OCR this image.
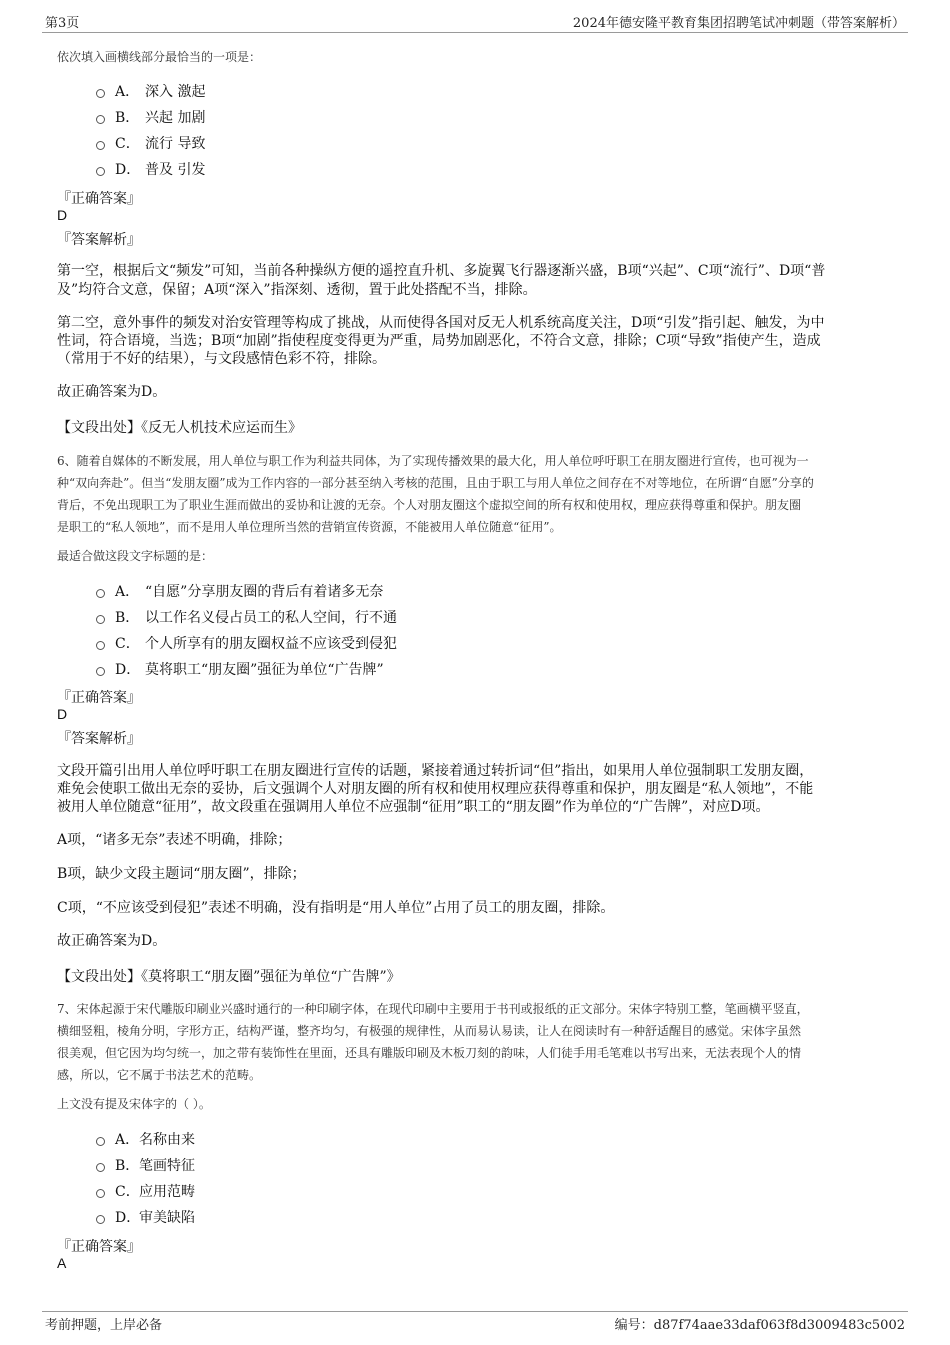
第3页	2024年德安隆平教育集团招聘笔试冲刺题（带答案解析）
依次填入画横线部分最恰当的一项是：
A． 深入 激起
B． 兴起 加剧
C． 流行 导致
D． 普及 引发
『正确答案』
D
『答案解析』
第一空，根据后文“频发”可知，当前各种操纵方便的遥控直升机、多旋翼飞行器逐渐兴盛，B项“兴起”、C项“流行”、D项“普
及”均符合文意，保留；A项“深入”指深刻、透彻，置于此处搭配不当，排除。
第二空，意外事件的频发对治安管理等构成了挑战，从而使得各国对反无人机系统高度关注，D项“引发”指引起、触发，为中
性词，符合语境，当选；B项“加剧”指使程度变得更为严重，局势加剧恶化，不符合文意，排除；C项“导致”指使产生，造成
（常用于不好的结果），与文段感情色彩不符，排除。
故正确答案为D。
【文段出处】《反无人机技术应运而生》
6、随着自媒体的不断发展，用人单位与职工作为利益共同体，为了实现传播效果的最大化，用人单位呼吁职工在朋友圈进行宣传，也可视为一
种“双向奔赴”。但当“发朋友圈”成为工作内容的一部分甚至纳入考核的范围，且由于职工与用人单位之间存在不对等地位，在所谓“自愿”分享的
背后，不免出现职工为了职业生涯而做出的妥协和让渡的无奈。个人对朋友圈这个虚拟空间的所有权和使用权，理应获得尊重和保护。朋友圈
是职工的“私人领地”，而不是用人单位理所当然的营销宣传资源，不能被用人单位随意“征用”。
最适合做这段文字标题的是：
A． “自愿”分享朋友圈的背后有着诸多无奈
B． 以工作名义侵占员工的私人空间，行不通
C． 个人所享有的朋友圈权益不应该受到侵犯
D． 莫将职工“朋友圈”强征为单位“广告牌”
『正确答案』
D
『答案解析』
文段开篇引出用人单位呼吁职工在朋友圈进行宣传的话题，紧接着通过转折词“但”指出，如果用人单位强制职工发朋友圈，
难免会使职工做出无奈的妥协，后文强调个人对朋友圈的所有权和使用权理应获得尊重和保护，朋友圈是“私人领地”，不能
被用人单位随意“征用”，故文段重在强调用人单位不应强制“征用”职工的“朋友圈”作为单位的“广告牌”，对应D项。
A项，“诸多无奈”表述不明确，排除；
B项，缺少文段主题词“朋友圈”，排除；
C项，“不应该受到侵犯”表述不明确，没有指明是“用人单位”占用了员工的朋友圈，排除。
故正确答案为D。
【文段出处】《莫将职工“朋友圈”强征为单位“广告牌”》
7、宋体起源于宋代雕版印刷业兴盛时通行的一种印刷字体，在现代印刷中主要用于书刊或报纸的正文部分。宋体字特别工整，笔画横平竖直，
横细竖粗，棱角分明，字形方正，结构严谨，整齐均匀，有极强的规律性，从而易认易读，让人在阅读时有一种舒适醒目的感觉。宋体字虽然
很美观，但它因为均匀统一，加之带有装饰性在里面，还具有雕版印刷及木板刀刻的韵味，人们徒手用毛笔难以书写出来，无法表现个人的情
感，所以，它不属于书法艺术的范畴。
上文没有提及宋体字的（ ）。
A． 名称由来
B． 笔画特征
C． 应用范畴
D．
审美缺陷
『正确答案』
A
考前押题，上岸必备	编号：d87f74aae33daf063f8d3009483c5002
